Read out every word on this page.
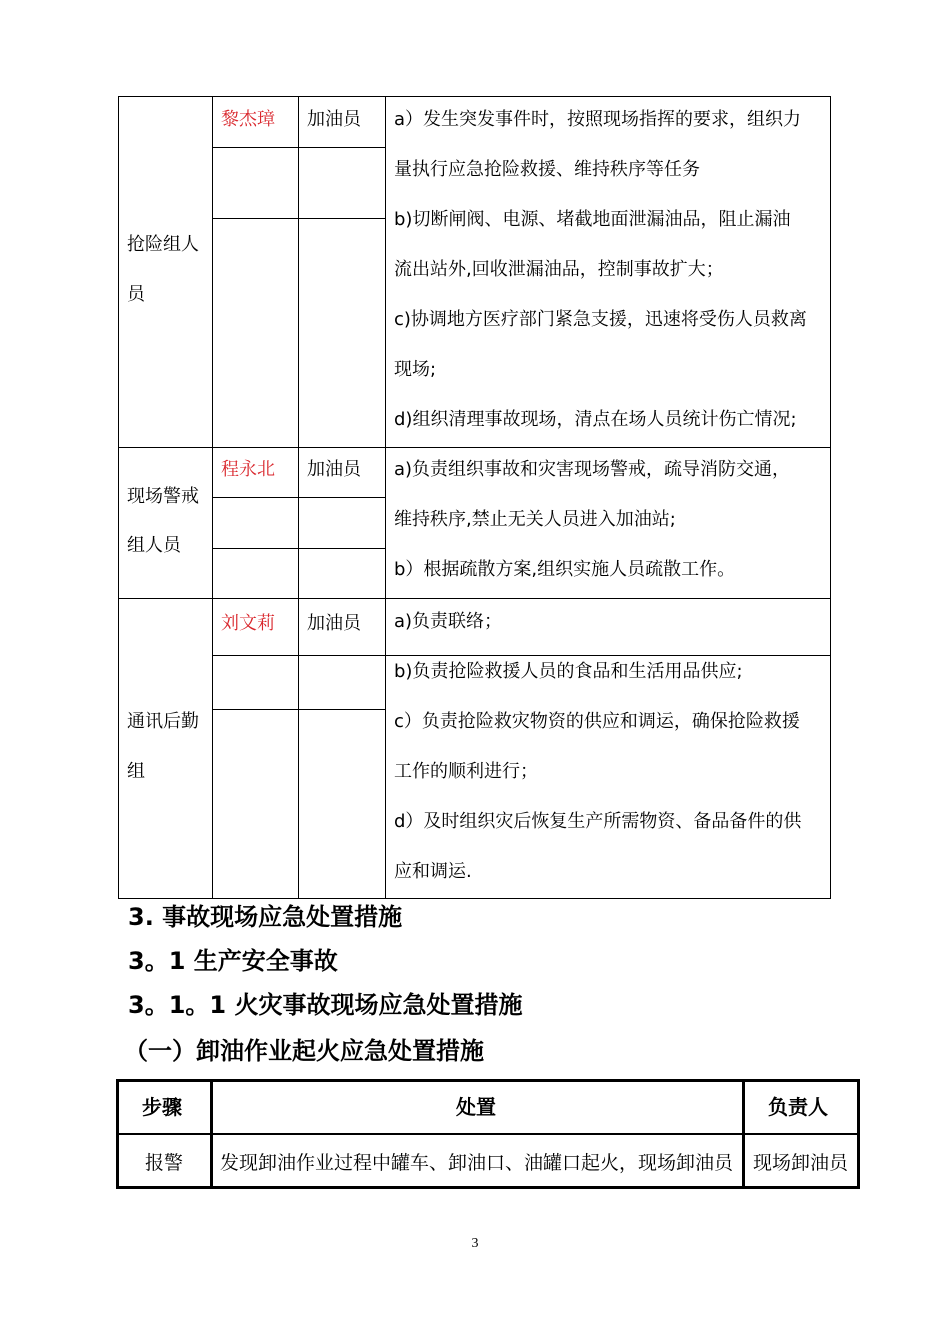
抢险组人
员
黎杰璋 加油员 a）发生突发事件时，按照现场指挥的要求，组织力
量执行应急抢险救援、维持秩序等任务
b)切断闸阀、电源、堵截地面泄漏油品，阻止漏油
流出站外,回收泄漏油品，控制事故扩大；
c)协调地方医疗部门紧急支援，迅速将受伤人员救离
现场;
d)组织清理事故现场，清点在场人员统计伤亡情况;
现场警戒
组人员
程永北 加油员 a)负责组织事故和灾害现场警戒，疏导消防交通，
维持秩序,禁止无关人员进入加油站;
b）根据疏散方案,组织实施人员疏散工作。
通讯后勤
组
刘文莉 加油员 a)负责联络；
b)负责抢险救援人员的食品和生活用品供应;
c）负责抢险救灾物资的供应和调运，确保抢险救援
工作的顺利进行；
d）及时组织灾后恢复生产所需物资、备品备件的供
应和调运.
3. 事故现场应急处置措施
3。1 生产安全事故
3。1。1 火灾事故现场应急处置措施
（一）卸油作业起火应急处置措施
步骤	处置	负责人
报警 发现卸油作业过程中罐车、卸油口、油罐口起火，现场卸油员 现场卸油员
3
